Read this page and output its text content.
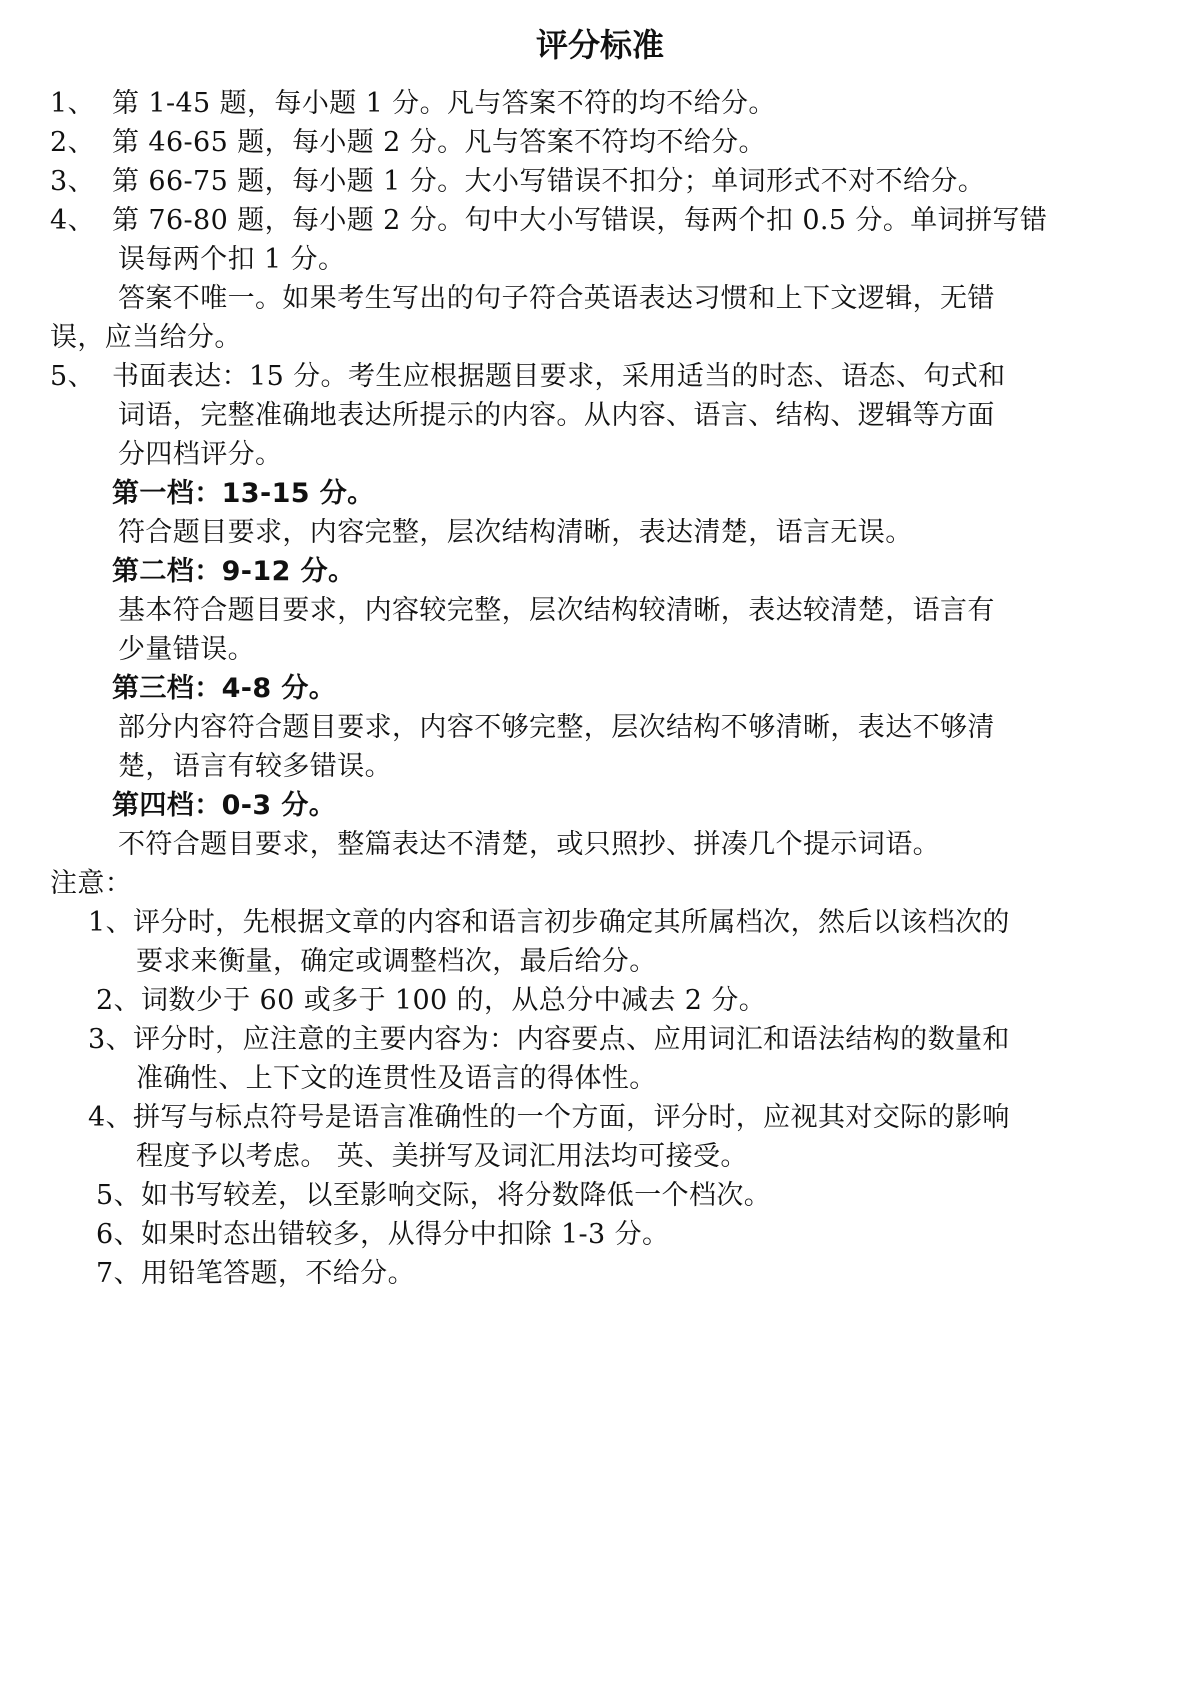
评分标准
1、 第 1-45 题，每小题 1 分。凡与答案不符的均不给分。
2、 第 46-65 题，每小题 2 分。凡与答案不符均不给分。
3、 第 66-75 题，每小题 1 分。大小写错误不扣分；单词形式不对不给分。
4、 第 76-80 题，每小题 2 分。句中大小写错误，每两个扣 0.5 分。单词拼写错
误每两个扣 1 分。
答案不唯一。如果考生写出的句子符合英语表达习惯和上下文逻辑，无错
误，应当给分。
5、 书面表达：15 分。考生应根据题目要求，采用适当的时态、语态、句式和
词语，完整准确地表达所提示的内容。从内容、语言、结构、逻辑等方面
分四档评分。
第一档：13-15 分。
符合题目要求，内容完整，层次结构清晰，表达清楚，语言无误。
第二档：9-12 分。
基本符合题目要求，内容较完整，层次结构较清晰，表达较清楚，语言有
少量错误。
第三档：4-8 分。
部分内容符合题目要求，内容不够完整，层次结构不够清晰，表达不够清
楚，语言有较多错误。
第四档：0-3 分。
不符合题目要求，整篇表达不清楚，或只照抄、拼凑几个提示词语。
注意：
1、评分时，先根据文章的内容和语言初步确定其所属档次，然后以该档次的
要求来衡量，确定或调整档次，最后给分。
2、词数少于 60 或多于 100 的，从总分中减去 2 分。
3、评分时，应注意的主要内容为：内容要点、应用词汇和语法结构的数量和
准确性、上下文的连贯性及语言的得体性。
4、拼写与标点符号是语言准确性的一个方面，评分时，应视其对交际的影响
程度予以考虑。 英、美拼写及词汇用法均可接受。
5、如书写较差，以至影响交际，将分数降低一个档次。
6、如果时态出错较多，从得分中扣除 1-3 分。
7、用铅笔答题，不给分。
